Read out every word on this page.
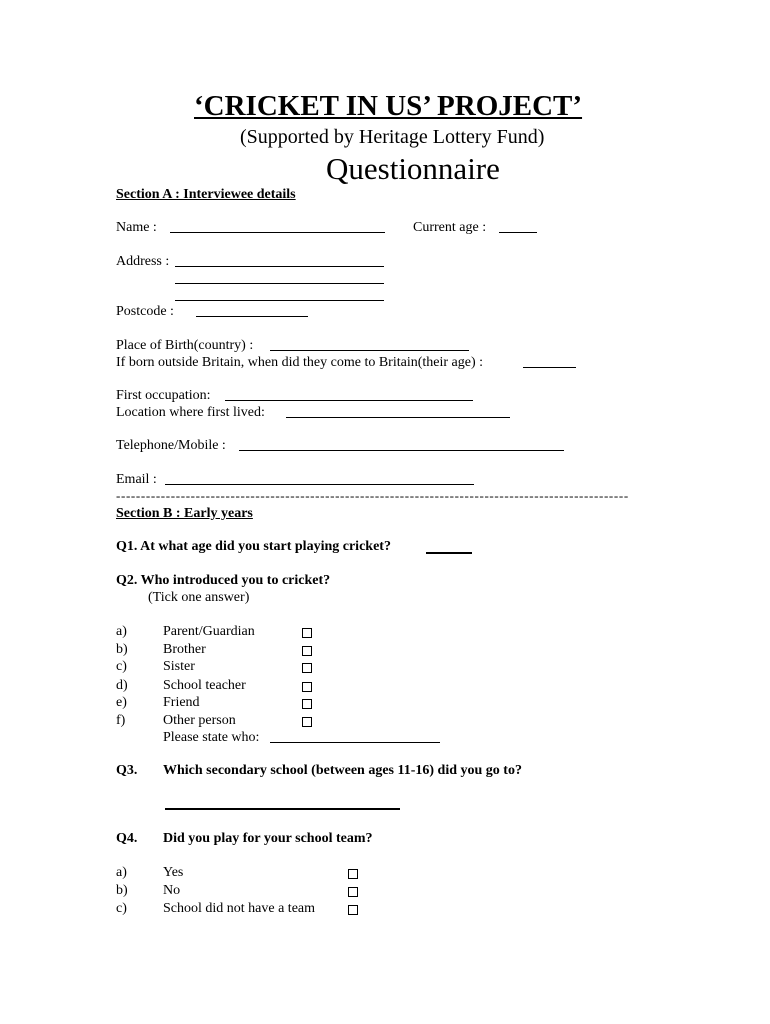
‘CRICKET IN US’ PROJECT’
(Supported by Heritage Lottery Fund)
Questionnaire
Section A : Interviewee details
Name :	Current age :
Address :
Postcode :
Place of Birth(country) :
If born outside Britain, when did they come to Britain(their age) :
First occupation:
Location where first lived:
Telephone/Mobile :
Email :
-------------------------------------------------------------------------------------------------------
Section B : Early years
Q1. At what age did you start playing cricket?
Q2. Who introduced you to cricket?
(Tick one answer)
a)	Parent/Guardian
b)	Brother
c)	Sister
d)	School teacher
e)	Friend
f)	Other person
Please state who:
Q3. Which secondary school (between ages 11-16) did you go to?
Q4. Did you play for your school team?
a)	Yes
b)	No
c)	School did not have a team
